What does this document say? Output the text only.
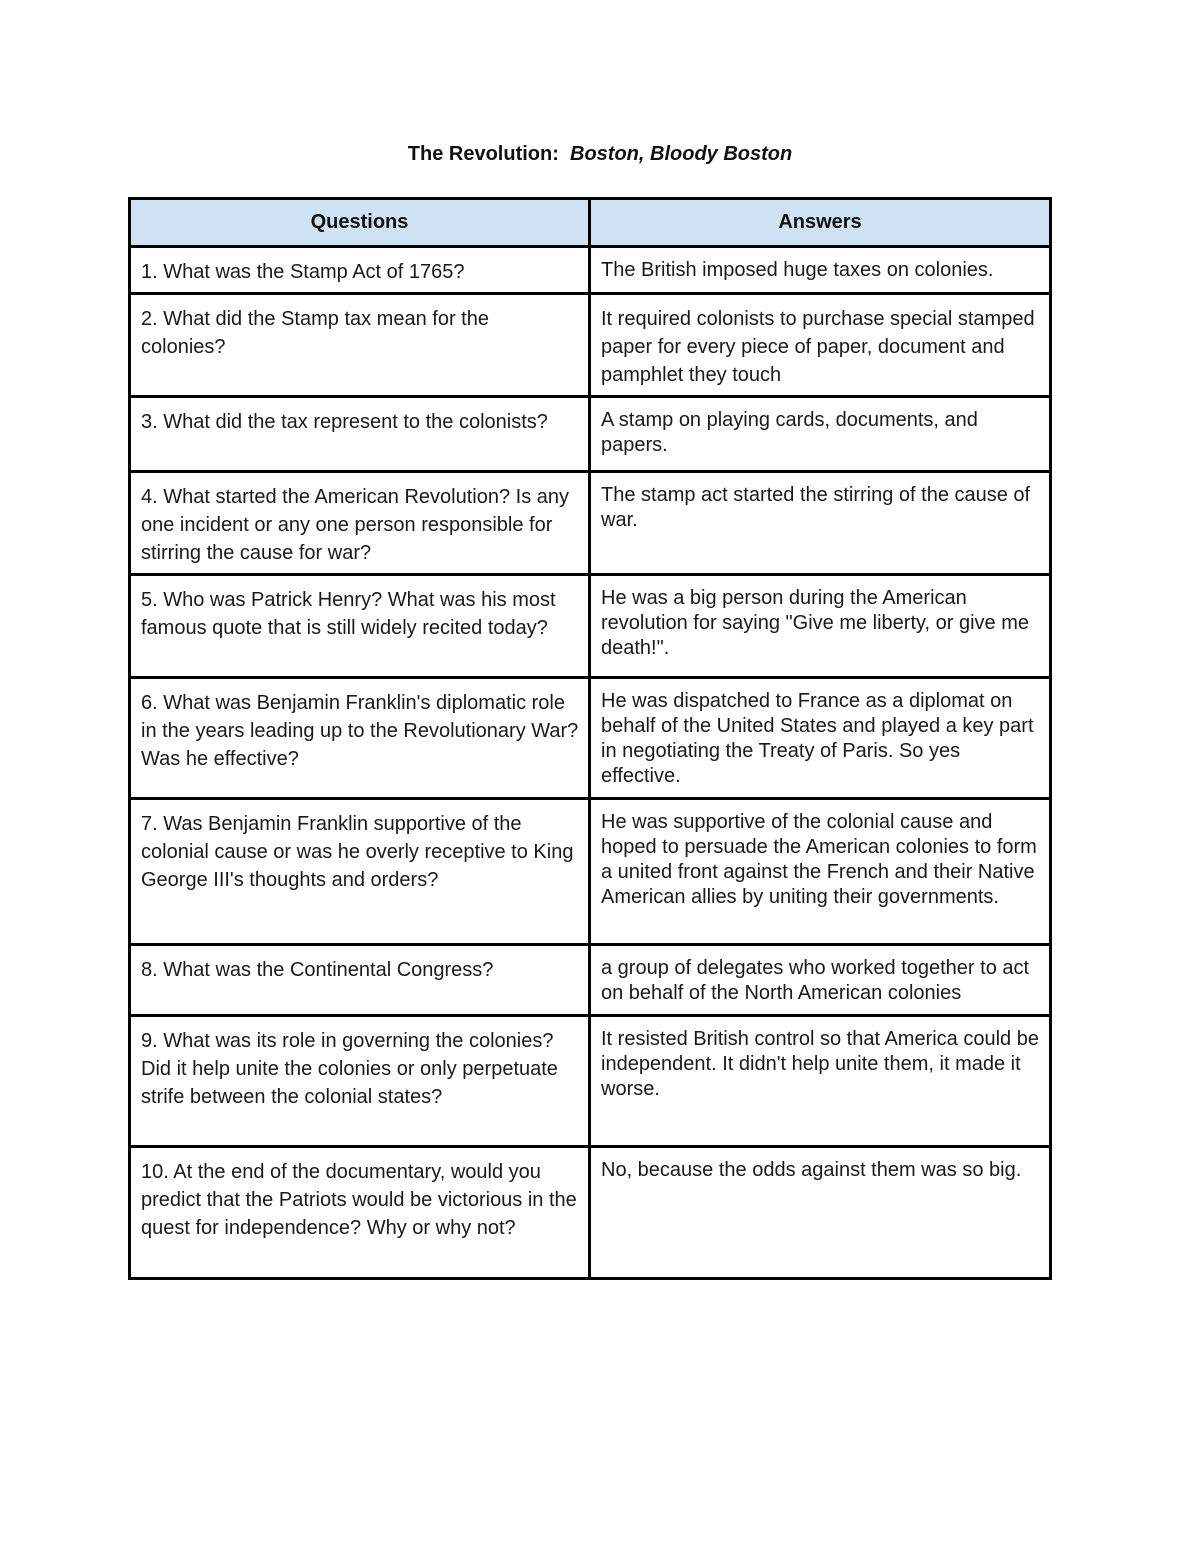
The Revolution: Boston, Bloody Boston
Questions	Answers

1. What was the Stamp Act of 1765?	The British imposed huge taxes on colonies.

2. What did the Stamp tax mean for the colonies?	It required colonists to purchase special stamped paper for every piece of paper, document and pamphlet they touch

3. What did the tax represent to the colonists?	A stamp on playing cards, documents, and papers.

4. What started the American Revolution? Is any one incident or any one person responsible for stirring the cause for war?	The stamp act started the stirring of the cause of war.

5. Who was Patrick Henry? What was his most famous quote that is still widely recited today?	He was a big person during the American revolution for saying "Give me liberty, or give me death!".

6. What was Benjamin Franklin's diplomatic role in the years leading up to the Revolutionary War? Was he effective?	He was dispatched to France as a diplomat on behalf of the United States and played a key part in negotiating the Treaty of Paris. So yes effective.

7. Was Benjamin Franklin supportive of the colonial cause or was he overly receptive to King George III's thoughts and orders?	He was supportive of the colonial cause and hoped to persuade the American colonies to form a united front against the French and their Native American allies by uniting their governments.

8. What was the Continental Congress?	a group of delegates who worked together to act on behalf of the North American colonies

9. What was its role in governing the colonies? Did it help unite the colonies or only perpetuate strife between the colonial states?	It resisted British control so that America could be independent. It didn't help unite them, it made it worse.

10. At the end of the documentary, would you predict that the Patriots would be victorious in the quest for independence? Why or why not?	No, because the odds against them was so big.
